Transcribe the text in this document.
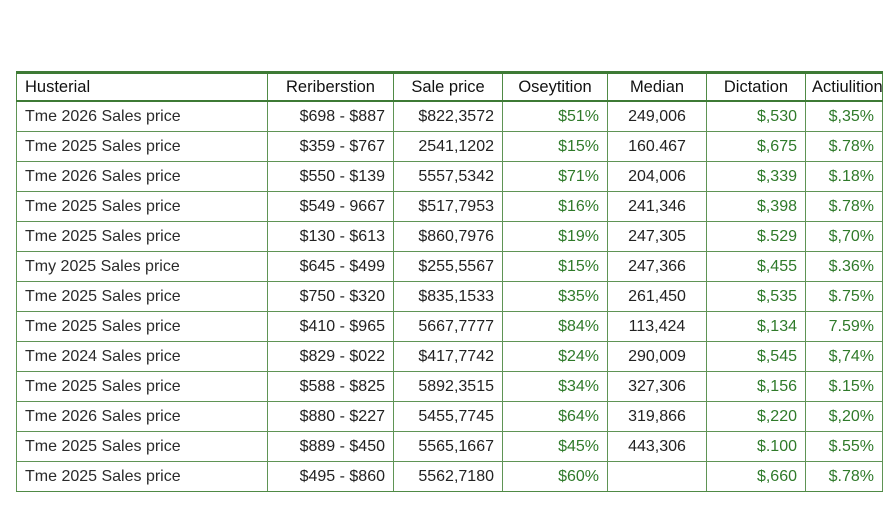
Husterial	Reriberstion	Sale price	Oseytition	Median	Dictation	Actiulition
Tme 2026 Sales price	$698 - $887	$822,3572	$51%	249,006	$,530	$,35%
Tme 2025 Sales price	$359 - $767	2541,1202	$15%	160.467	$,675	$.78%
Tme 2026 Sales price	$550 - $139	5557,5342	$71%	204,006	$,339	$.18%
Tme 2025 Sales price	$549 - 9667	$517,7953	$16%	241,346	$,398	$.78%
Tme 2025 Sales price	$130 - $613	$860,7976	$19%	247,305	$.529	$,70%
Tmy 2025 Sales price	$645 - $499	$255,5567	$15%	247,366	$,455	$.36%
Tme 2025 Sales price	$750 - $320	$835,1533	$35%	261,450	$,535	$.75%
Tme 2025 Sales price	$410 - $965	5667,7777	$84%	113,424	$,134	7.59%
Tme 2024 Sales price	$829 - $022	$417,7742	$24%	290,009	$,545	$,74%
Tme 2025 Sales price	$588 - $825	5892,3515	$34%	327,306	$,156	$.15%
Tme 2026 Sales price	$880 - $227	5455,7745	$64%	319,866	$,220	$,20%
Tme 2025 Sales price	$889 - $450	5565,1667	$45%	443,306	$.100	$.55%
Tme 2025 Sales price	$495 - $860	5562,7180	$60%		$,660	$.78%
